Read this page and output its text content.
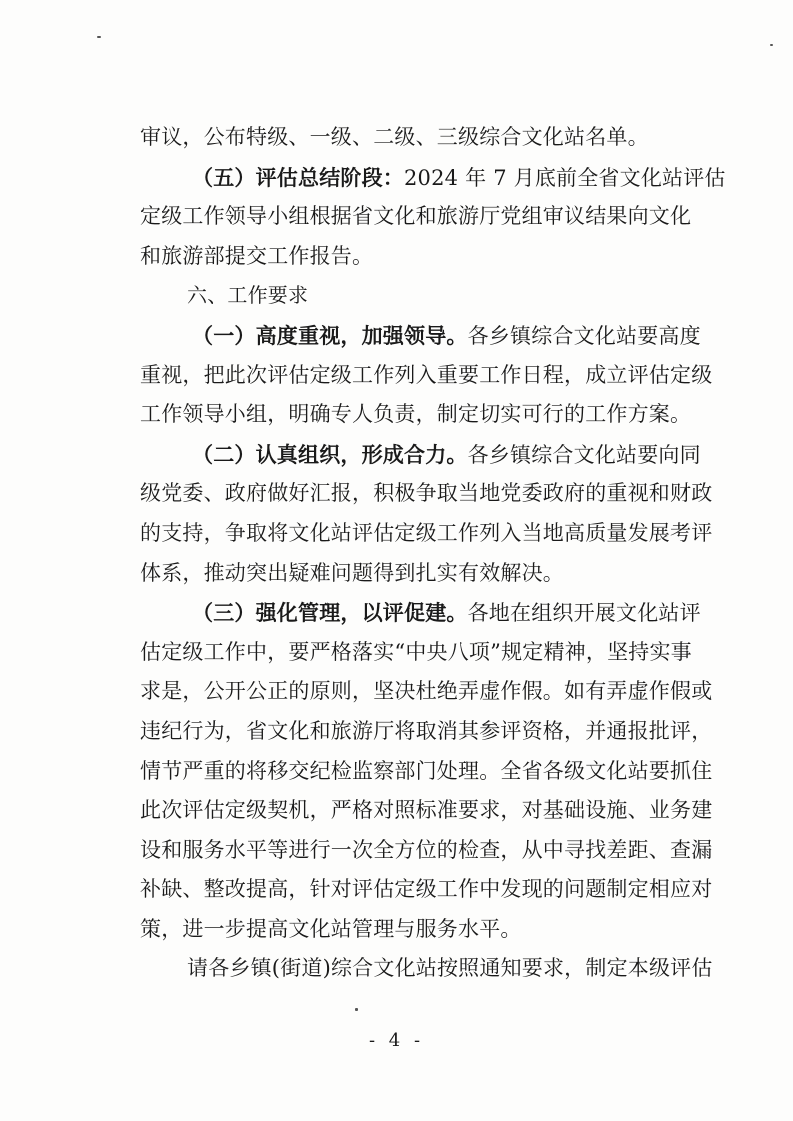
审议，公布特级、一级、二级、三级综合文化站名单。
（五）评估总结阶段：2024 年 7 月底前全省文化站评估
定级工作领导小组根据省文化和旅游厅党组审议结果向文化
和旅游部提交工作报告。
六、工作要求
（一）高度重视，加强领导。各乡镇综合文化站要高度
重视，把此次评估定级工作列入重要工作日程，成立评估定级
工作领导小组，明确专人负责，制定切实可行的工作方案。
（二）认真组织，形成合力。各乡镇综合文化站要向同
级党委、政府做好汇报，积极争取当地党委政府的重视和财政
的支持，争取将文化站评估定级工作列入当地高质量发展考评
体系，推动突出疑难问题得到扎实有效解决。
（三）强化管理，以评促建。各地在组织开展文化站评
估定级工作中，要严格落实“中央八项”规定精神，坚持实事
求是，公开公正的原则，坚决杜绝弄虚作假。如有弄虚作假或
违纪行为，省文化和旅游厅将取消其参评资格，并通报批评，
情节严重的将移交纪检监察部门处理。全省各级文化站要抓住
此次评估定级契机，严格对照标准要求，对基础设施、业务建
设和服务水平等进行一次全方位的检查，从中寻找差距、查漏
补缺、整改提高，针对评估定级工作中发现的问题制定相应对
策，进一步提高文化站管理与服务水平。
请各乡镇(街道)综合文化站按照通知要求，制定本级评估
- 4 -
